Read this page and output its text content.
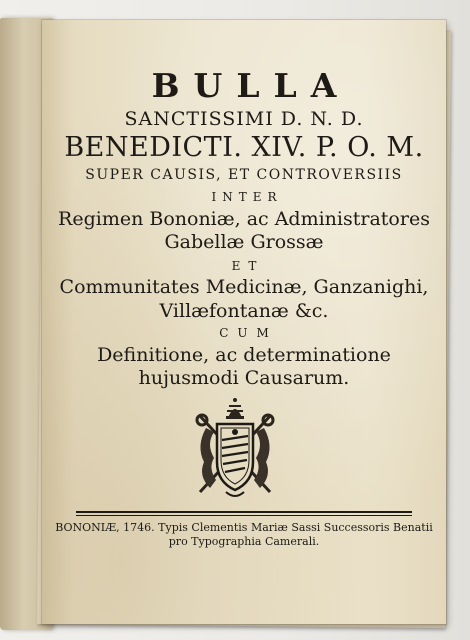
BULLA
SANCTISSIMI D. N. D.
BENEDICTI. XIV. P. O. M.
SUPER CAUSIS, ET CONTROVERSIIS
INTER
Regimen Bononiæ, ac Administratores
Gabellæ Grossæ
ET
Communitates Medicinæ, Ganzanighi,
Villæfontanæ &c.
CUM
Definitione, ac determinatione
hujusmodi Causarum.
BONONIÆ, 1746. Typis Clementis Mariæ Sassi Successoris Benatii
pro Typographia Camerali.
